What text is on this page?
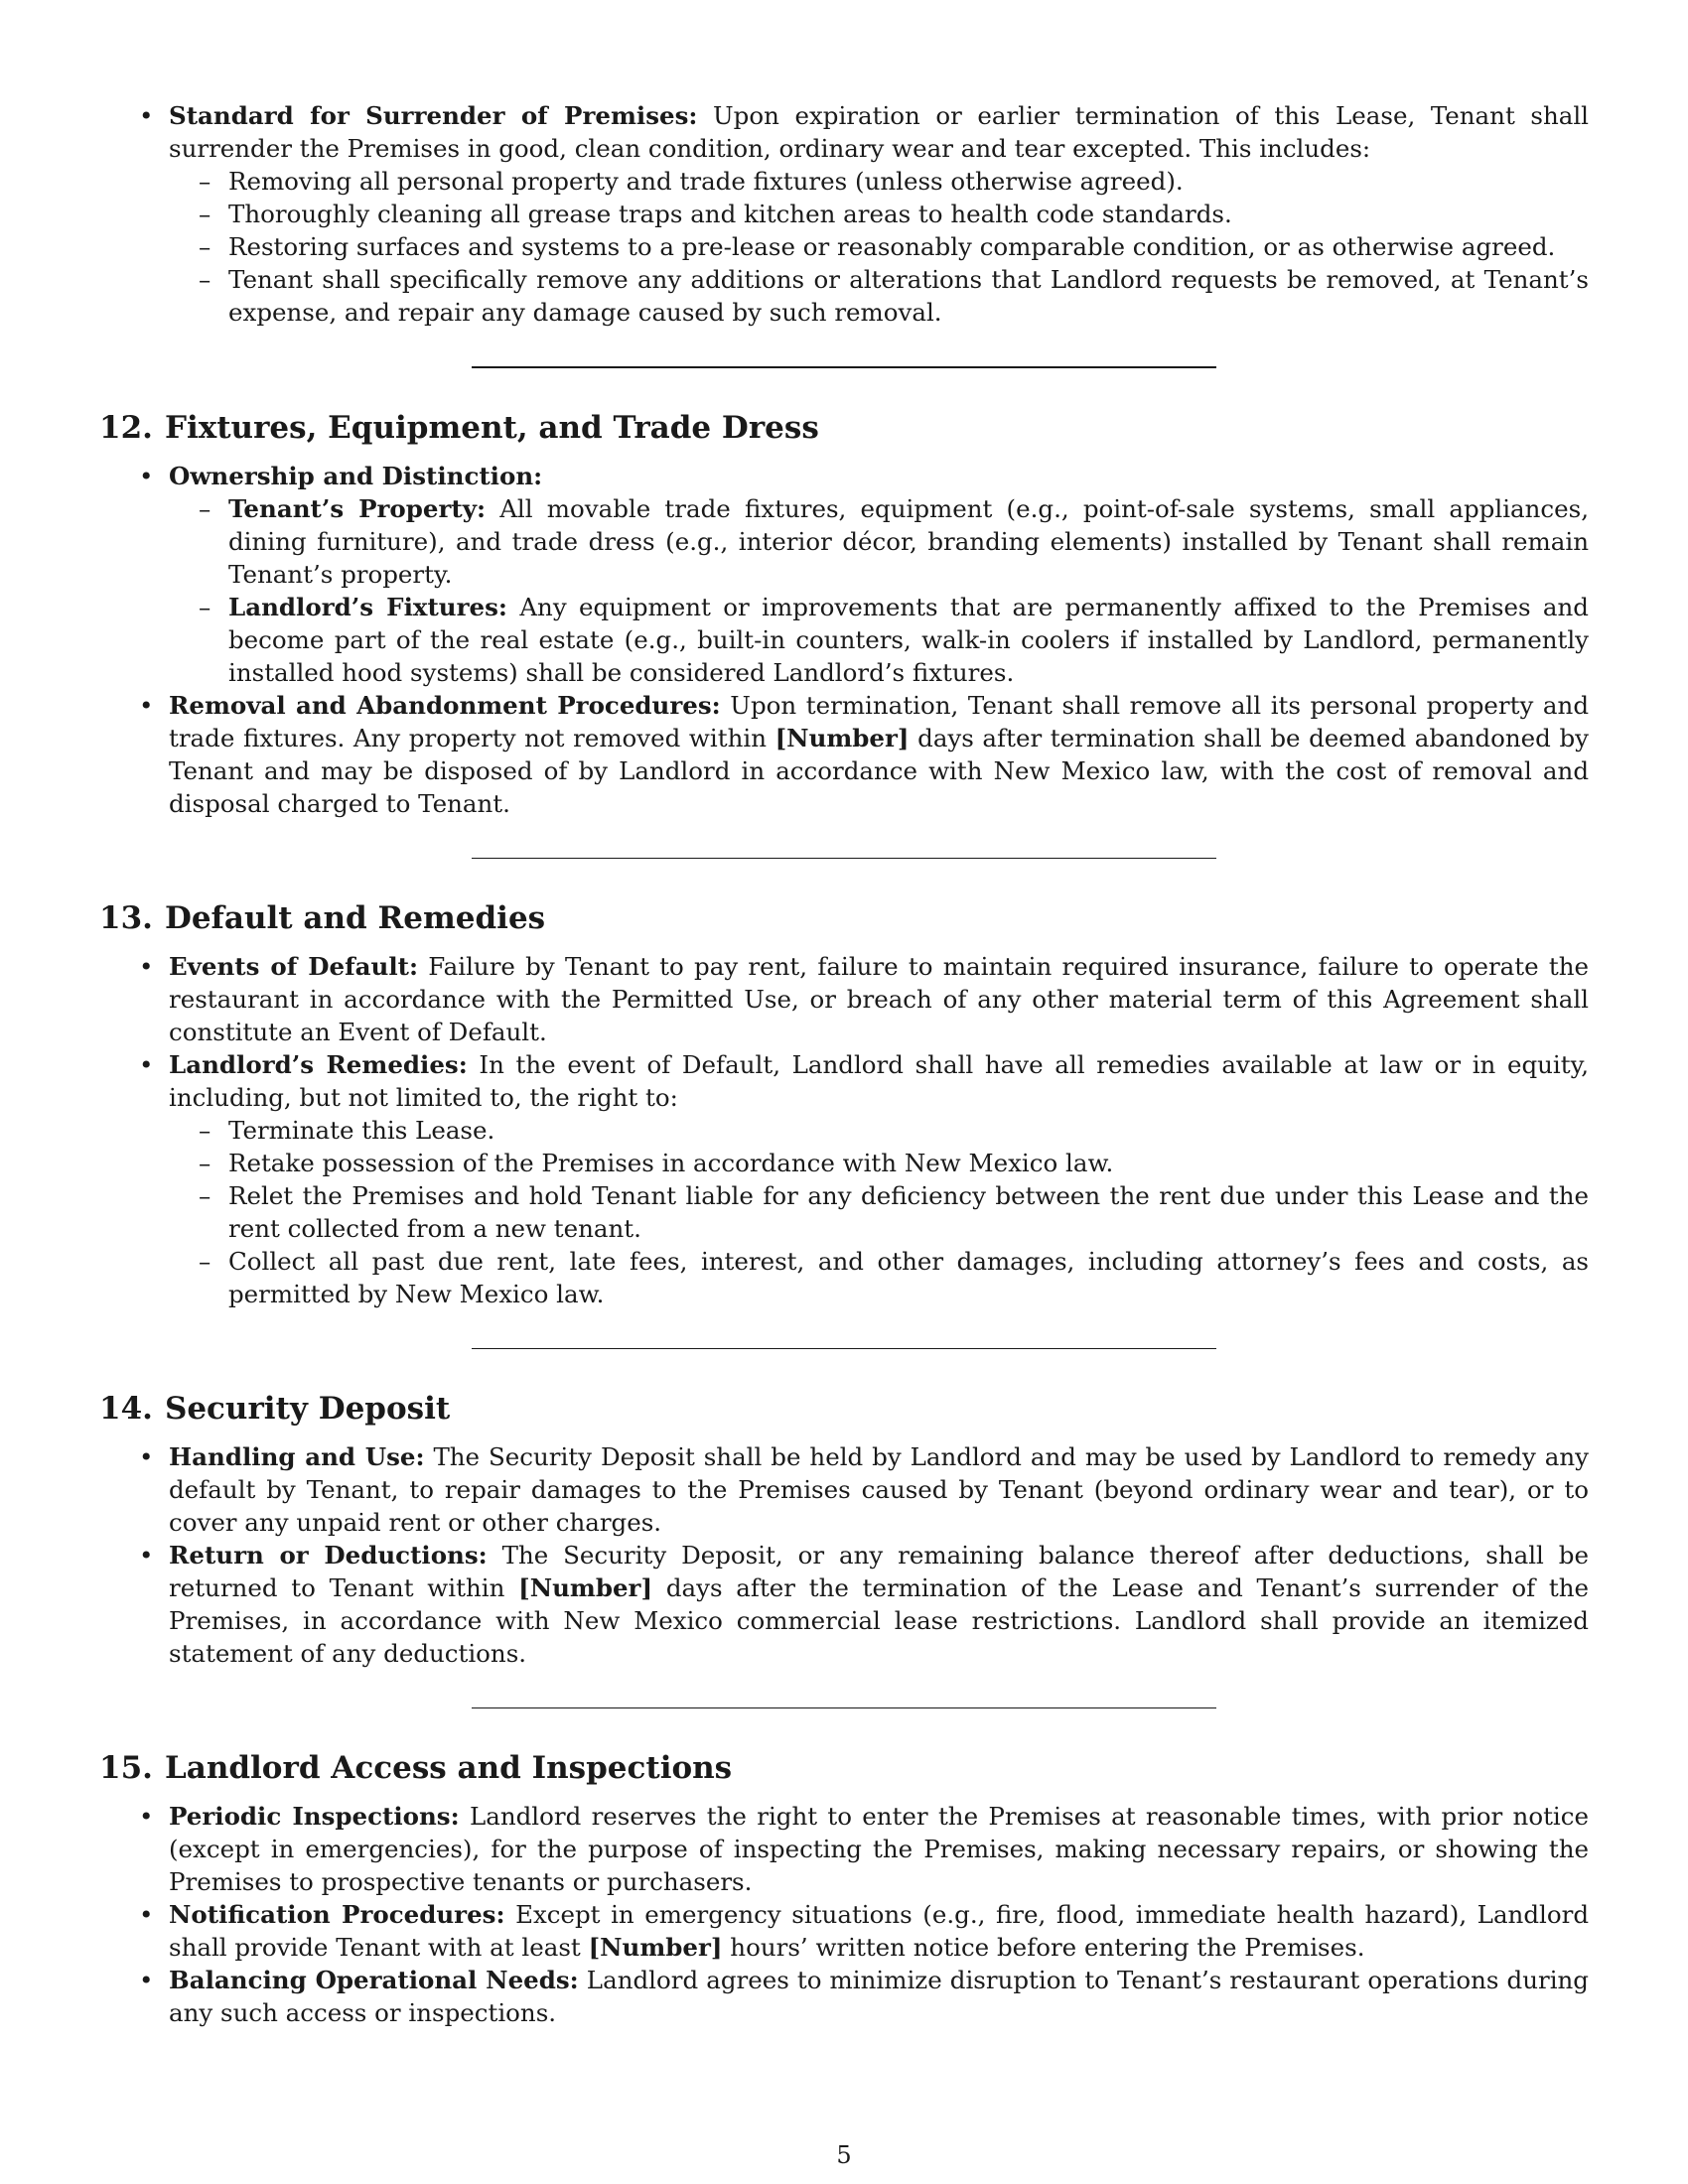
• Standard for Surrender of Premises: Upon expiration or earlier termination of this Lease, Tenant shall surrender the Premises in good, clean condition, ordinary wear and tear excepted. This includes:
– Removing all personal property and trade fixtures (unless otherwise agreed).
– Thoroughly cleaning all grease traps and kitchen areas to health code standards.
– Restoring surfaces and systems to a pre-lease or reasonably comparable condition, or as otherwise agreed.
– Tenant shall specifically remove any additions or alterations that Landlord requests be removed, at Tenant’s expense, and repair any damage caused by such removal.
12. Fixtures, Equipment, and Trade Dress
• Ownership and Distinction:
– Tenant’s Property: All movable trade fixtures, equipment (e.g., point-of-sale systems, small appliances, dining furniture), and trade dress (e.g., interior décor, branding elements) installed by Tenant shall remain Tenant’s property.
– Landlord’s Fixtures: Any equipment or improvements that are permanently affixed to the Premises and become part of the real estate (e.g., built-in counters, walk-in coolers if installed by Landlord, permanently installed hood systems) shall be considered Landlord’s fixtures.
• Removal and Abandonment Procedures: Upon termination, Tenant shall remove all its personal property and trade fixtures. Any property not removed within [Number] days after termination shall be deemed abandoned by Tenant and may be disposed of by Landlord in accordance with New Mexico law, with the cost of removal and disposal charged to Tenant.
13. Default and Remedies
• Events of Default: Failure by Tenant to pay rent, failure to maintain required insurance, failure to operate the restaurant in accordance with the Permitted Use, or breach of any other material term of this Agreement shall constitute an Event of Default.
• Landlord’s Remedies: In the event of Default, Landlord shall have all remedies available at law or in equity, including, but not limited to, the right to:
– Terminate this Lease.
– Retake possession of the Premises in accordance with New Mexico law.
– Relet the Premises and hold Tenant liable for any deficiency between the rent due under this Lease and the rent collected from a new tenant.
– Collect all past due rent, late fees, interest, and other damages, including attorney’s fees and costs, as permitted by New Mexico law.
14. Security Deposit
• Handling and Use: The Security Deposit shall be held by Landlord and may be used by Landlord to remedy any default by Tenant, to repair damages to the Premises caused by Tenant (beyond ordinary wear and tear), or to cover any unpaid rent or other charges.
• Return or Deductions: The Security Deposit, or any remaining balance thereof after deductions, shall be returned to Tenant within [Number] days after the termination of the Lease and Tenant’s surrender of the Premises, in accordance with New Mexico commercial lease restrictions. Landlord shall provide an itemized statement of any deductions.
15. Landlord Access and Inspections
• Periodic Inspections: Landlord reserves the right to enter the Premises at reasonable times, with prior notice (except in emergencies), for the purpose of inspecting the Premises, making necessary repairs, or showing the Premises to prospective tenants or purchasers.
• Notification Procedures: Except in emergency situations (e.g., fire, flood, immediate health hazard), Landlord shall provide Tenant with at least [Number] hours’ written notice before entering the Premises.
• Balancing Operational Needs: Landlord agrees to minimize disruption to Tenant’s restaurant operations during any such access or inspections.
5
